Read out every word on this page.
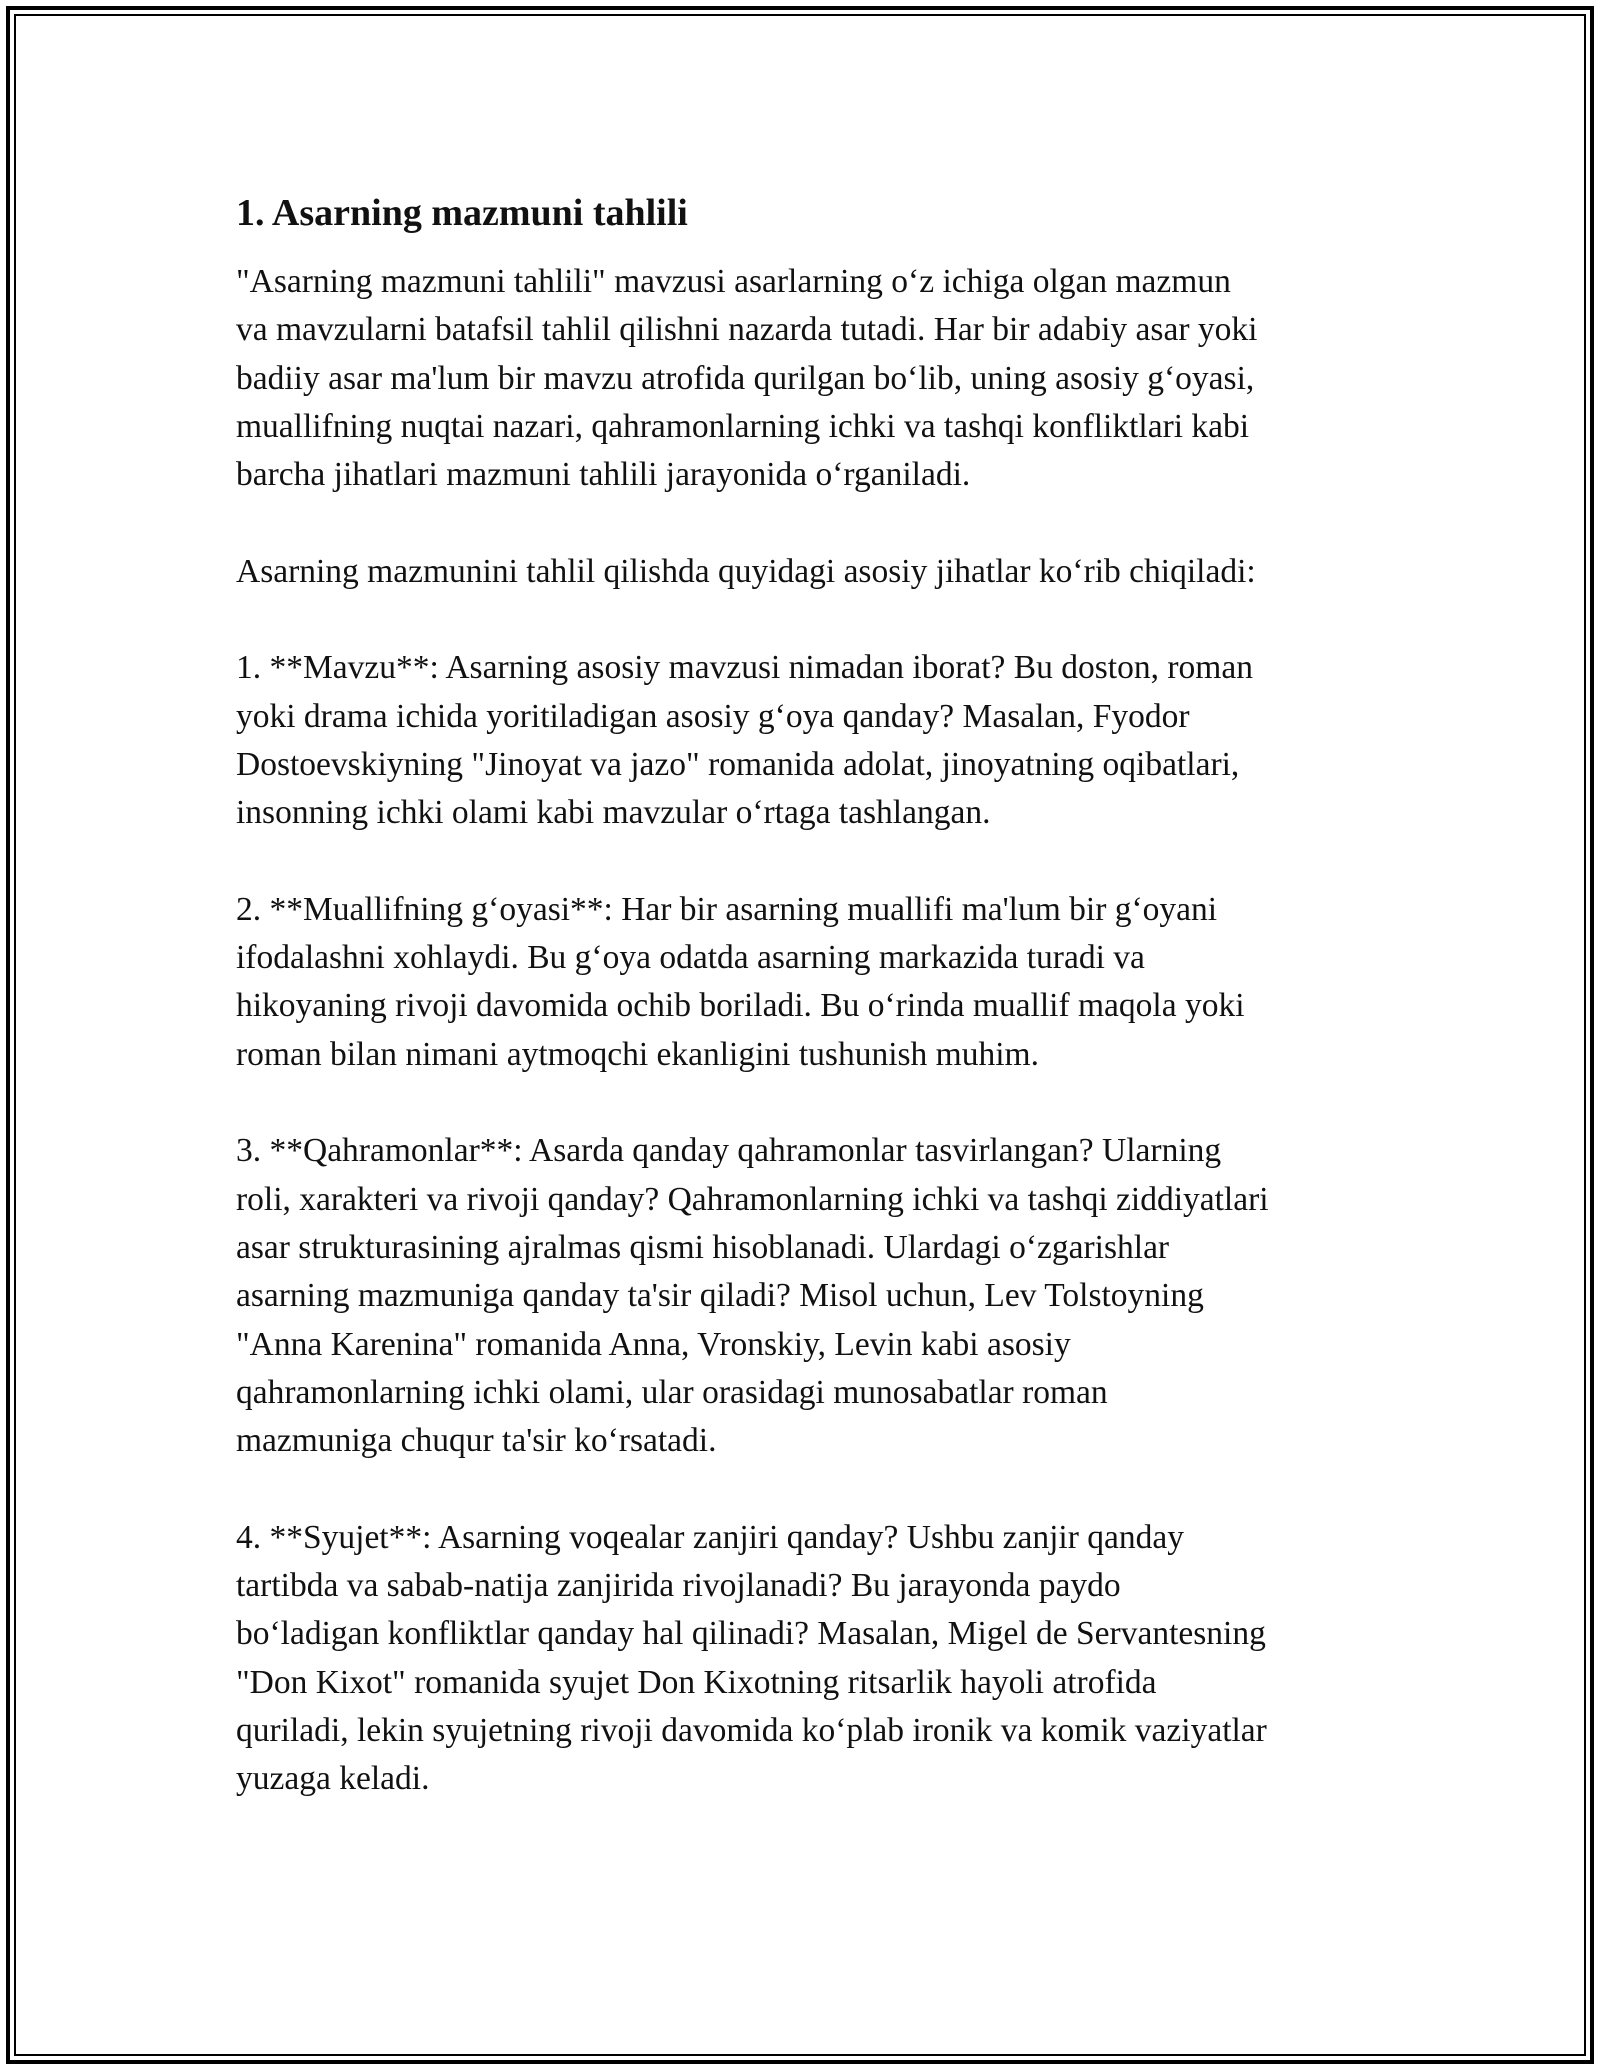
1. Asarning mazmuni tahlili

"Asarning mazmuni tahlili" mavzusi asarlarning o‘z ichiga olgan mazmun
va mavzularni batafsil tahlil qilishni nazarda tutadi. Har bir adabiy asar yoki
badiiy asar ma'lum bir mavzu atrofida qurilgan bo‘lib, uning asosiy g‘oyasi,
muallifning nuqtai nazari, qahramonlarning ichki va tashqi konfliktlari kabi
barcha jihatlari mazmuni tahlili jarayonida o‘rganiladi.

Asarning mazmunini tahlil qilishda quyidagi asosiy jihatlar ko‘rib chiqiladi:

1. **Mavzu**: Asarning asosiy mavzusi nimadan iborat? Bu doston, roman
yoki drama ichida yoritiladigan asosiy g‘oya qanday? Masalan, Fyodor
Dostoevskiyning "Jinoyat va jazo" romanida adolat, jinoyatning oqibatlari,
insonning ichki olami kabi mavzular o‘rtaga tashlangan.

2. **Muallifning g‘oyasi**: Har bir asarning muallifi ma'lum bir g‘oyani
ifodalashni xohlaydi. Bu g‘oya odatda asarning markazida turadi va
hikoyaning rivoji davomida ochib boriladi. Bu o‘rinda muallif maqola yoki
roman bilan nimani aytmoqchi ekanligini tushunish muhim.

3. **Qahramonlar**: Asarda qanday qahramonlar tasvirlangan? Ularning
roli, xarakteri va rivoji qanday? Qahramonlarning ichki va tashqi ziddiyatlari
asar strukturasining ajralmas qismi hisoblanadi. Ulardagi o‘zgarishlar
asarning mazmuniga qanday ta'sir qiladi? Misol uchun, Lev Tolstoyning
"Anna Karenina" romanida Anna, Vronskiy, Levin kabi asosiy
qahramonlarning ichki olami, ular orasidagi munosabatlar roman
mazmuniga chuqur ta'sir ko‘rsatadi.

4. **Syujet**: Asarning voqealar zanjiri qanday? Ushbu zanjir qanday
tartibda va sabab-natija zanjirida rivojlanadi? Bu jarayonda paydo
bo‘ladigan konfliktlar qanday hal qilinadi? Masalan, Migel de Servantesning
"Don Kixot" romanida syujet Don Kixotning ritsarlik hayoli atrofida
quriladi, lekin syujetning rivoji davomida ko‘plab ironik va komik vaziyatlar
yuzaga keladi.
